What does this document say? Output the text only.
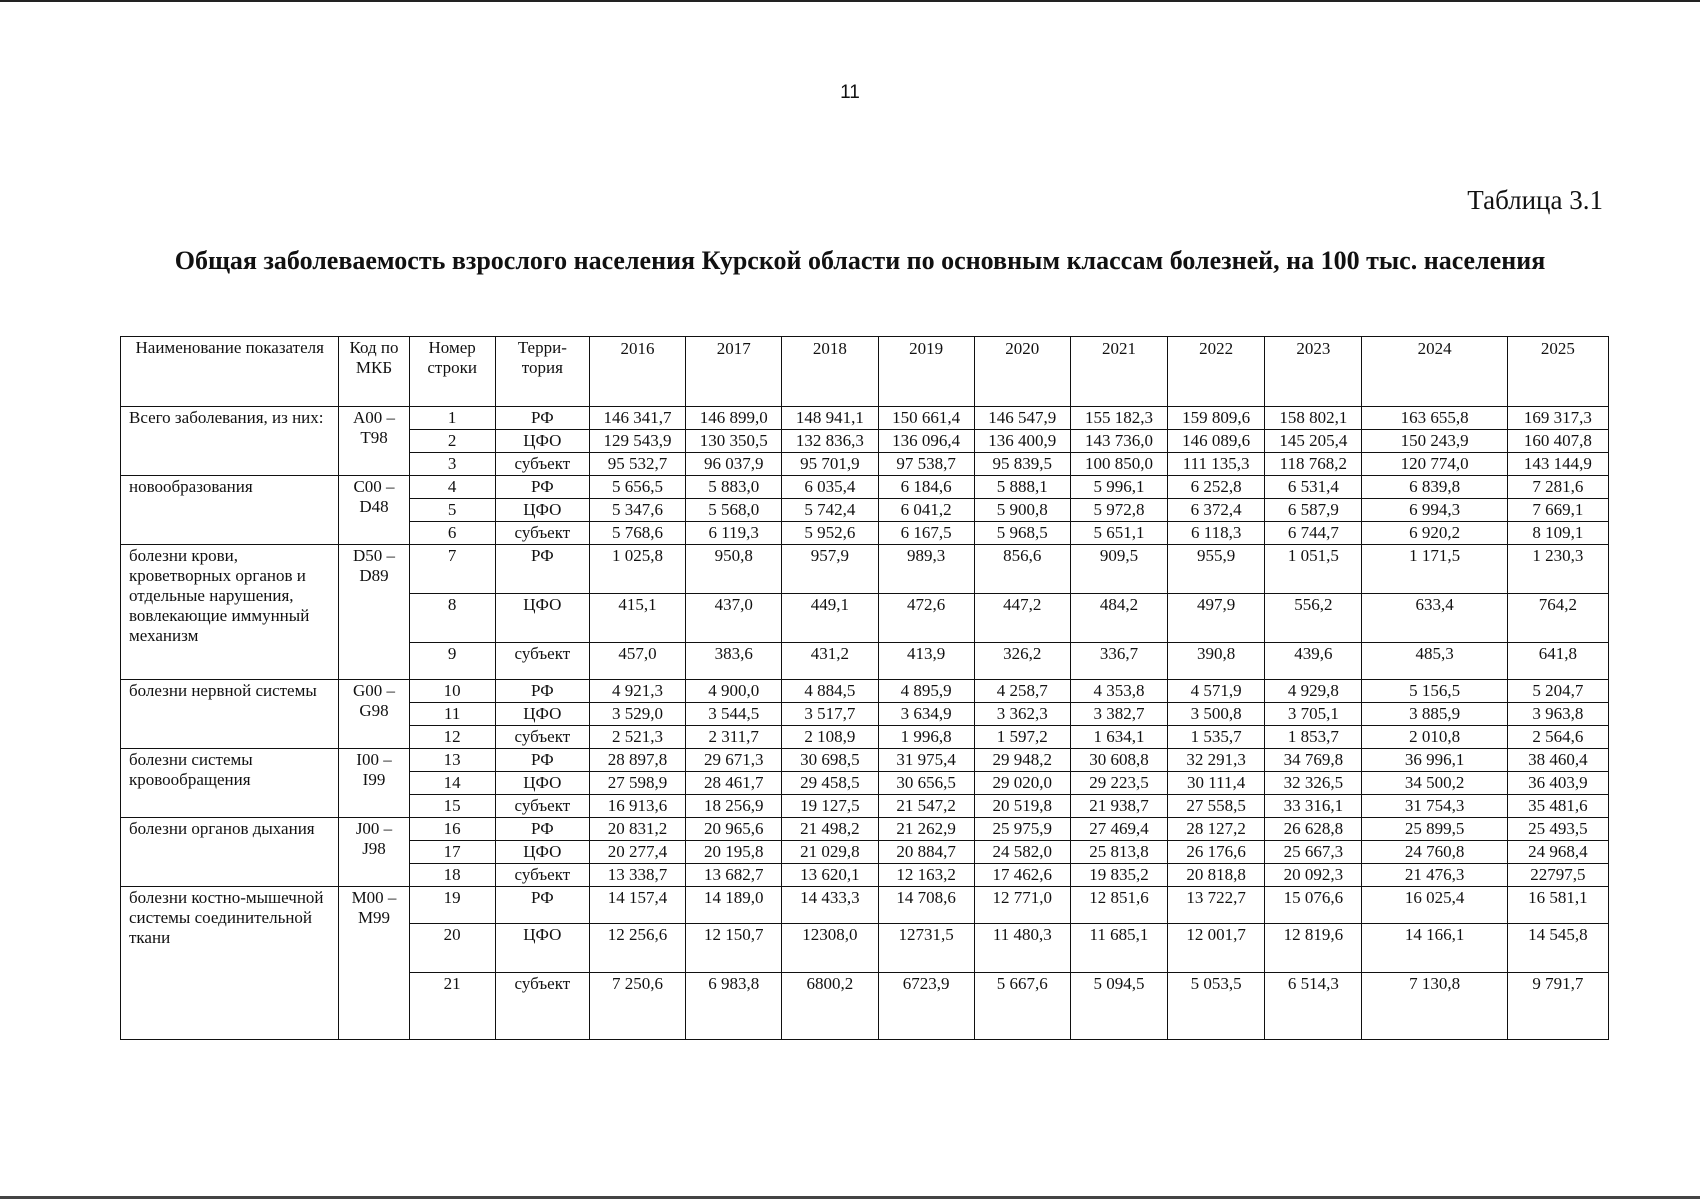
11
Таблица 3.1
Общая заболеваемость взрослого населения Курской области по основным классам болезней, на 100 тыс. населения
Наименование показателя	Код по МКБ	Номер строки	Терри-тория	2016	2017	2018	2019	2020	2021	2022	2023	2024	2025
Всего заболевания, из них:	A00 – T98	1	РФ	146 341,7	146 899,0	148 941,1	150 661,4	146 547,9	155 182,3	159 809,6	158 802,1	163 655,8	169 317,3
		2	ЦФО	129 543,9	130 350,5	132 836,3	136 096,4	136 400,9	143 736,0	146 089,6	145 205,4	150 243,9	160 407,8
		3	субъект	95 532,7	96 037,9	95 701,9	97 538,7	95 839,5	100 850,0	111 135,3	118 768,2	120 774,0	143 144,9
новообразования	C00 – D48	4	РФ	5 656,5	5 883,0	6 035,4	6 184,6	5 888,1	5 996,1	6 252,8	6 531,4	6 839,8	7 281,6
		5	ЦФО	5 347,6	5 568,0	5 742,4	6 041,2	5 900,8	5 972,8	6 372,4	6 587,9	6 994,3	7 669,1
		6	субъект	5 768,6	6 119,3	5 952,6	6 167,5	5 968,5	5 651,1	6 118,3	6 744,7	6 920,2	8 109,1
болезни крови, кроветворных органов и отдельные нарушения, вовлекающие иммунный механизм	D50 – D89	7	РФ	1 025,8	950,8	957,9	989,3	856,6	909,5	955,9	1 051,5	1 171,5	1 230,3
		8	ЦФО	415,1	437,0	449,1	472,6	447,2	484,2	497,9	556,2	633,4	764,2
		9	субъект	457,0	383,6	431,2	413,9	326,2	336,7	390,8	439,6	485,3	641,8
болезни нервной системы	G00 – G98	10	РФ	4 921,3	4 900,0	4 884,5	4 895,9	4 258,7	4 353,8	4 571,9	4 929,8	5 156,5	5 204,7
		11	ЦФО	3 529,0	3 544,5	3 517,7	3 634,9	3 362,3	3 382,7	3 500,8	3 705,1	3 885,9	3 963,8
		12	субъект	2 521,3	2 311,7	2 108,9	1 996,8	1 597,2	1 634,1	1 535,7	1 853,7	2 010,8	2 564,6
болезни системы кровообращения	I00 – I99	13	РФ	28 897,8	29 671,3	30 698,5	31 975,4	29 948,2	30 608,8	32 291,3	34 769,8	36 996,1	38 460,4
		14	ЦФО	27 598,9	28 461,7	29 458,5	30 656,5	29 020,0	29 223,5	30 111,4	32 326,5	34 500,2	36 403,9
		15	субъект	16 913,6	18 256,9	19 127,5	21 547,2	20 519,8	21 938,7	27 558,5	33 316,1	31 754,3	35 481,6
болезни органов дыхания	J00 – J98	16	РФ	20 831,2	20 965,6	21 498,2	21 262,9	25 975,9	27 469,4	28 127,2	26 628,8	25 899,5	25 493,5
		17	ЦФО	20 277,4	20 195,8	21 029,8	20 884,7	24 582,0	25 813,8	26 176,6	25 667,3	24 760,8	24 968,4
		18	субъект	13 338,7	13 682,7	13 620,1	12 163,2	17 462,6	19 835,2	20 818,8	20 092,3	21 476,3	22797,5
болезни костно-мышечной системы соединительной ткани	M00 – M99	19	РФ	14 157,4	14 189,0	14 433,3	14 708,6	12 771,0	12 851,6	13 722,7	15 076,6	16 025,4	16 581,1
		20	ЦФО	12 256,6	12 150,7	12308,0	12731,5	11 480,3	11 685,1	12 001,7	12 819,6	14 166,1	14 545,8
		21	субъект	7 250,6	6 983,8	6800,2	6723,9	5 667,6	5 094,5	5 053,5	6 514,3	7 130,8	9 791,7
